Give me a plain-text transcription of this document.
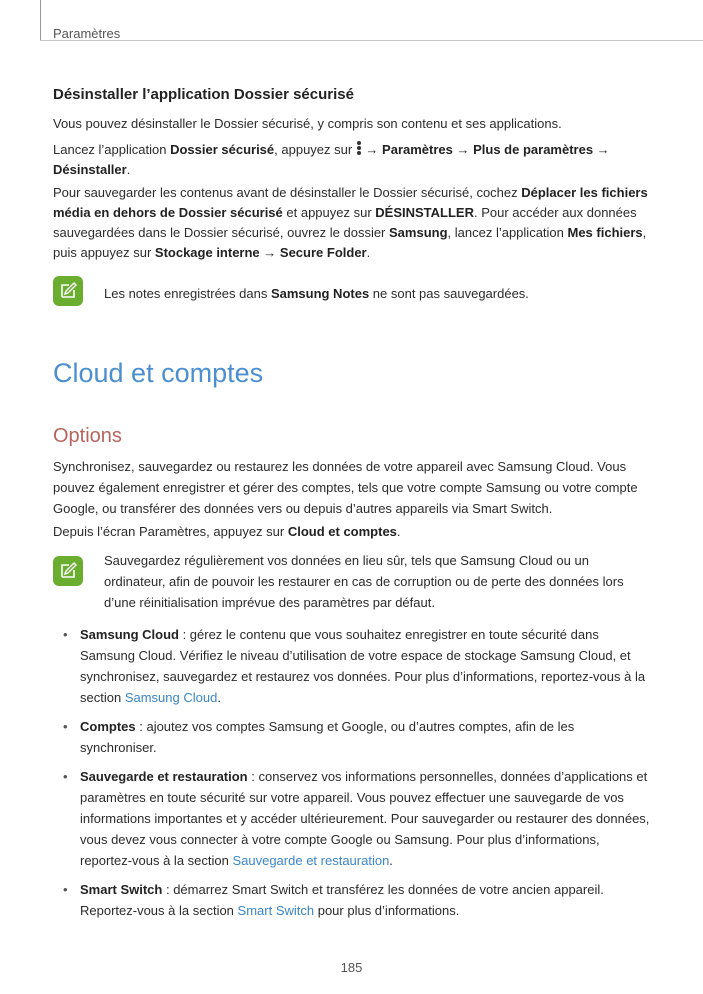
Paramètres
Désinstaller l’application Dossier sécurisé

Vous pouvez désinstaller le Dossier sécurisé, y compris son contenu et ses applications.

Lancez l’application Dossier sécurisé, appuyez sur
→ Paramètres → Plus de paramètres → Désinstaller.

Pour sauvegarder les contenus avant de désinstaller le Dossier sécurisé, cochez Déplacer les fichiers média en dehors de Dossier sécurisé et appuyez sur DÉSINSTALLER. Pour accéder aux données sauvegardées dans le Dossier sécurisé, ouvrez le dossier Samsung, lancez l’application Mes fichiers, puis appuyez sur Stockage interne → Secure Folder.

Les notes enregistrées dans Samsung Notes ne sont pas sauvegardées.

Cloud et comptes
Options

Synchronisez, sauvegardez ou restaurez les données de votre appareil avec Samsung Cloud. Vous pouvez également enregistrer et gérer des comptes, tels que votre compte Samsung ou votre compte Google, ou transférer des données vers ou depuis d’autres appareils via Smart Switch.

Depuis l’écran Paramètres, appuyez sur Cloud et comptes.

Sauvegardez régulièrement vos données en lieu sûr, tels que Samsung Cloud ou un ordinateur, afin de pouvoir les restaurer en cas de corruption ou de perte des données lors d’une réinitialisation imprévue des paramètres par défaut.

• Samsung Cloud : gérez le contenu que vous souhaitez enregistrer en toute sécurité dans Samsung Cloud. Vérifiez le niveau d’utilisation de votre espace de stockage Samsung Cloud, et synchronisez, sauvegardez et restaurez vos données. Pour plus d’informations, reportez-vous à la section Samsung Cloud.
• Comptes : ajoutez vos comptes Samsung et Google, ou d’autres comptes, afin de les synchroniser.
• Sauvegarde et restauration : conservez vos informations personnelles, données d’applications et paramètres en toute sécurité sur votre appareil. Vous pouvez effectuer une sauvegarde de vos informations importantes et y accéder ultérieurement. Pour sauvegarder ou restaurer des données, vous devez vous connecter à votre compte Google ou Samsung. Pour plus d’informations, reportez-vous à la section Sauvegarde et restauration.
• Smart Switch : démarrez Smart Switch et transférez les données de votre ancien appareil. Reportez-vous à la section Smart Switch pour plus d’informations.
185
